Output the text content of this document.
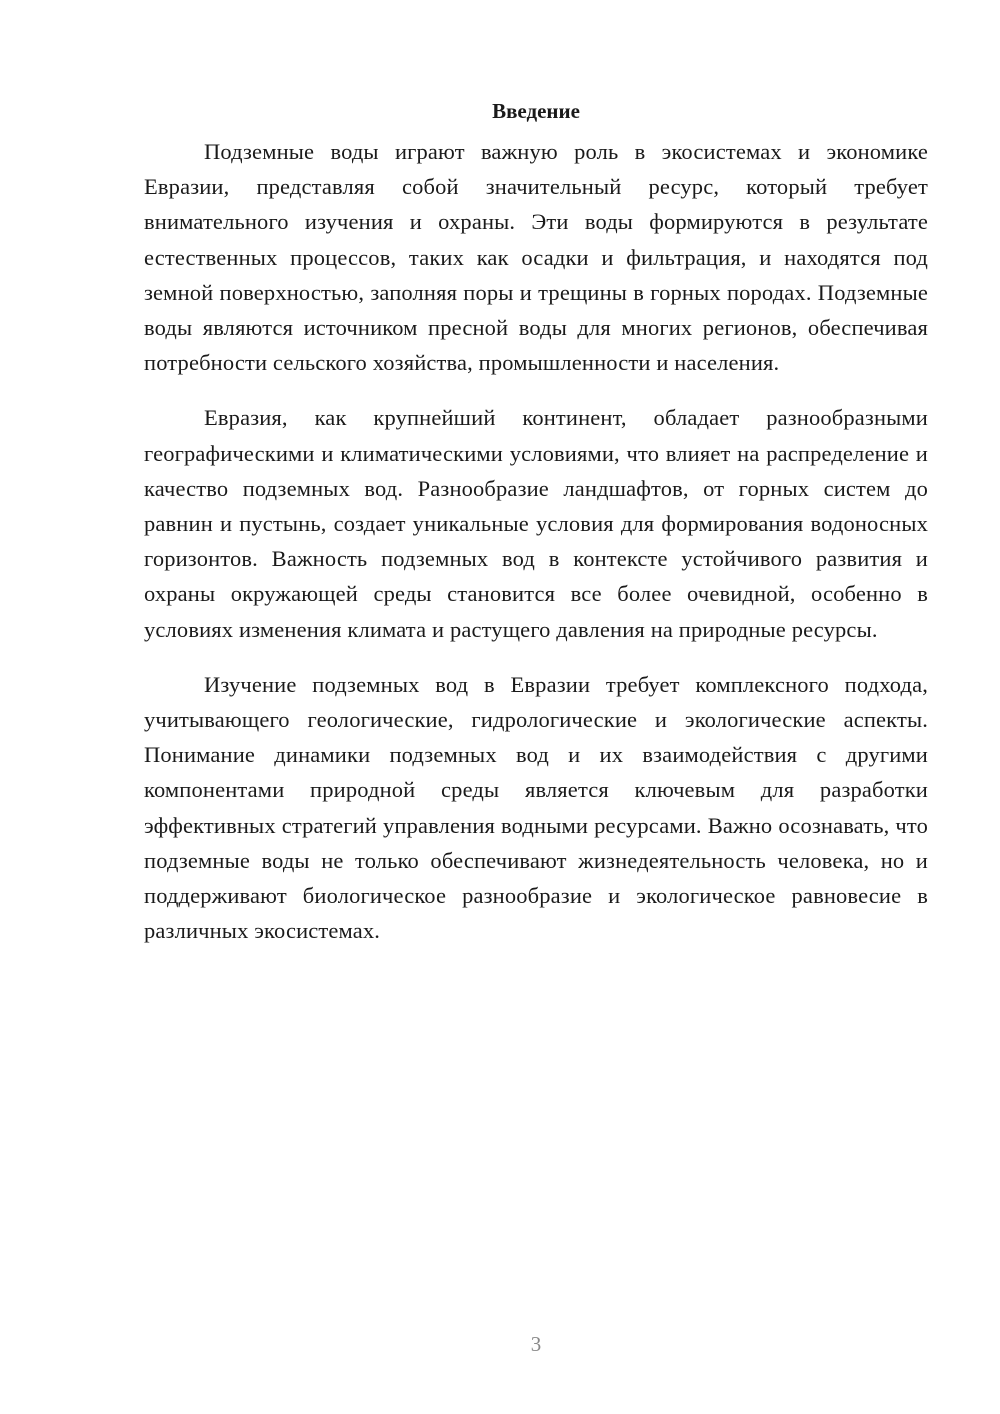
Введение

Подземные воды играют важную роль в экосистемах и экономике Евразии, представляя собой значительный ресурс, который требует внимательного изучения и охраны. Эти воды формируются в результате естественных процессов, таких как осадки и фильтрация, и находятся под земной поверхностью, заполняя поры и трещины в горных породах. Подземные воды являются источником пресной воды для многих регионов, обеспечивая потребности сельского хозяйства, промышленности и населения.

Евразия, как крупнейший континент, обладает разнообразными географическими и климатическими условиями, что влияет на распределение и качество подземных вод. Разнообразие ландшафтов, от горных систем до равнин и пустынь, создает уникальные условия для формирования водоносных горизонтов. Важность подземных вод в контексте устойчивого развития и охраны окружающей среды становится все более очевидной, особенно в условиях изменения климата и растущего давления на природные ресурсы.

Изучение подземных вод в Евразии требует комплексного подхода, учитывающего геологические, гидрологические и экологические аспекты. Понимание динамики подземных вод и их взаимодействия с другими компонентами природной среды является ключевым для разработки эффективных стратегий управления водными ресурсами. Важно осознавать, что подземные воды не только обеспечивают жизнедеятельность человека, но и поддерживают биологическое разнообразие и экологическое равновесие в различных экосистемах.

3
